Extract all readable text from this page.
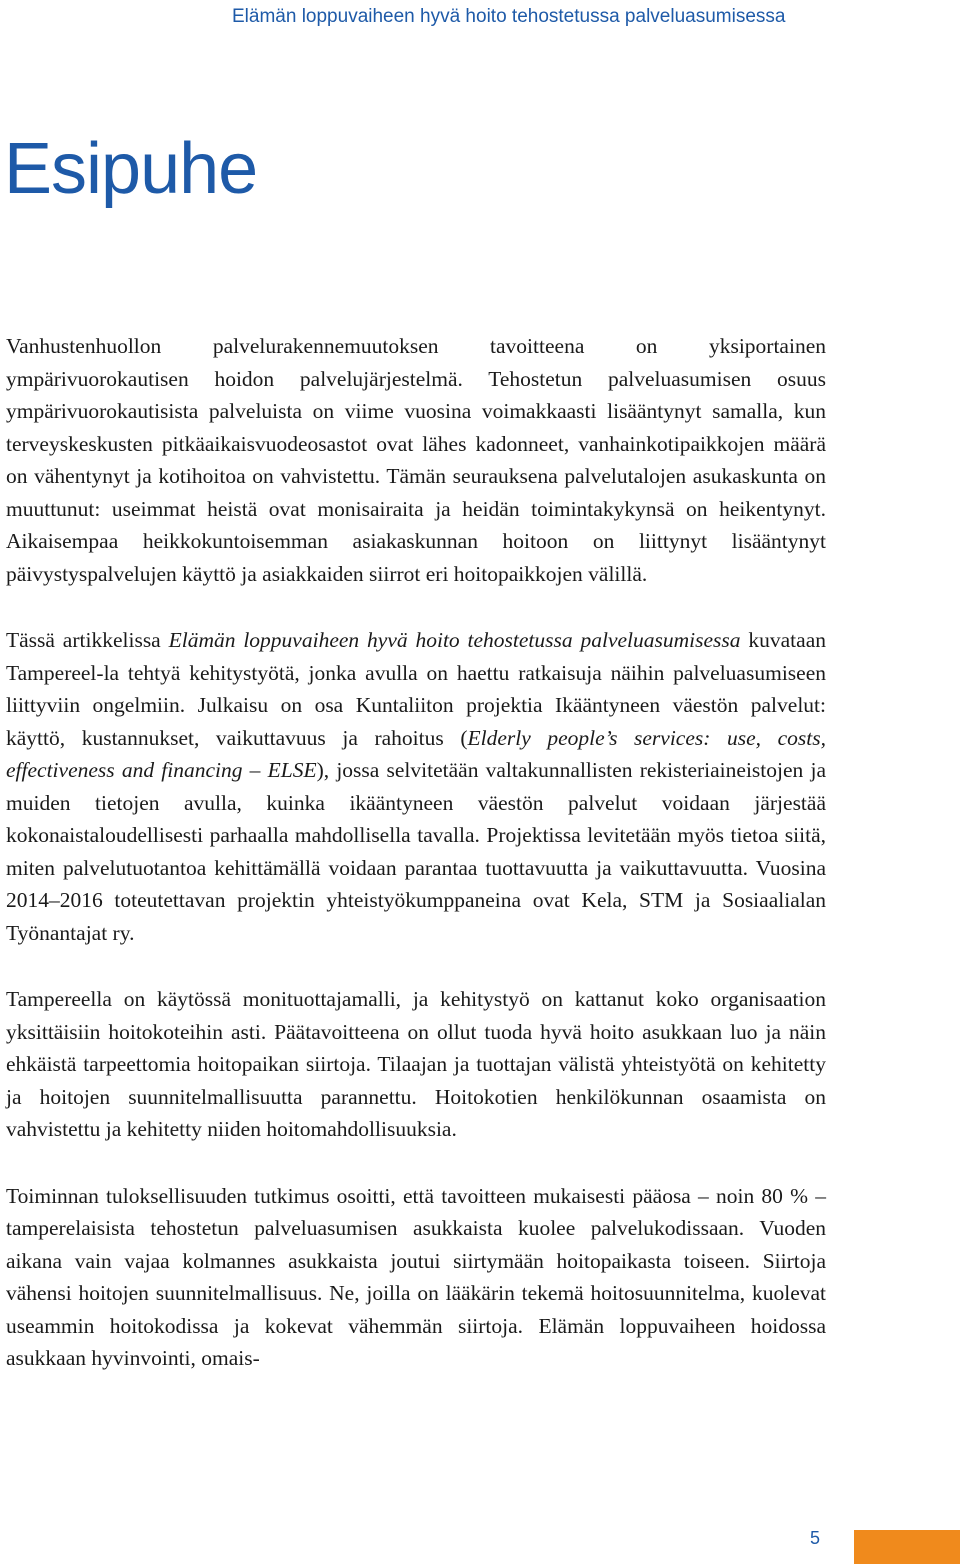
Elämän loppuvaiheen hyvä hoito tehostetussa palveluasumisessa
Esipuhe

Vanhustenhuollon palvelurakennemuutoksen tavoitteena on yksiportainen ympärivuorokautisen hoidon palvelujärjestelmä. Tehostetun palveluasumisen osuus ympärivuorokautisista palveluista on viime vuosina voimakkaasti lisääntynyt samalla, kun terveyskeskusten pitkäaikaisvuodeosastot ovat lähes kadonneet, vanhainkotipaikkojen määrä on vähentynyt ja kotihoitoa on vahvistettu. Tämän seurauksena palvelutalojen asukaskunta on muuttunut: useimmat heistä ovat monisairaita ja heidän toimintakykynsä on heikentynyt. Aikaisempaa heikkokuntoisemman asiakaskunnan hoitoon on liittynyt lisääntynyt päivystyspalvelujen käyttö ja asiakkaiden siirrot eri hoitopaikkojen välillä.

Tässä artikkelissa Elämän loppuvaiheen hyvä hoito tehostetussa palveluasumisessa kuvataan Tampereel-la tehtyä kehitystyötä, jonka avulla on haettu ratkaisuja näihin palveluasumiseen liittyviin ongelmiin. Julkaisu on osa Kuntaliiton projektia Ikääntyneen väestön palvelut: käyttö, kustannukset, vaikuttavuus ja rahoitus (Elderly people’s services: use, costs, effectiveness and financing – ELSE), jossa selvitetään valtakunnallisten rekisteriaineistojen ja muiden tietojen avulla, kuinka ikääntyneen väestön palvelut voidaan järjestää kokonaistaloudellisesti parhaalla mahdollisella tavalla. Projektissa levitetään myös tietoa siitä, miten palvelutuotantoa kehittämällä voidaan parantaa tuottavuutta ja vaikuttavuutta. Vuosina 2014–2016 toteutettavan projektin yhteistyökumppaneina ovat Kela, STM ja Sosiaalialan Työnantajat ry.

Tampereella on käytössä monituottajamalli, ja kehitystyö on kattanut koko organisaation yksittäisiin hoitokoteihin asti. Päätavoitteena on ollut tuoda hyvä hoito asukkaan luo ja näin ehkäistä tarpeettomia hoitopaikan siirtoja. Tilaajan ja tuottajan välistä yhteistyötä on kehitetty ja hoitojen suunnitelmallisuutta parannettu. Hoitokotien henkilökunnan osaamista on vahvistettu ja kehitetty niiden hoitomahdollisuuksia.

Toiminnan tuloksellisuuden tutkimus osoitti, että tavoitteen mukaisesti pääosa – noin 80 % – tamperelaisista tehostetun palveluasumisen asukkaista kuolee palvelukodissaan. Vuoden aikana vain vajaa kolmannes asukkaista joutui siirtymään hoitopaikasta toiseen. Siirtoja vähensi hoitojen suunnitelmallisuus. Ne, joilla on lääkärin tekemä hoitosuunnitelma, kuolevat useammin hoitokodissa ja kokevat vähemmän siirtoja. Elämän loppuvaiheen hoidossa asukkaan hyvinvointi, omais-

5
